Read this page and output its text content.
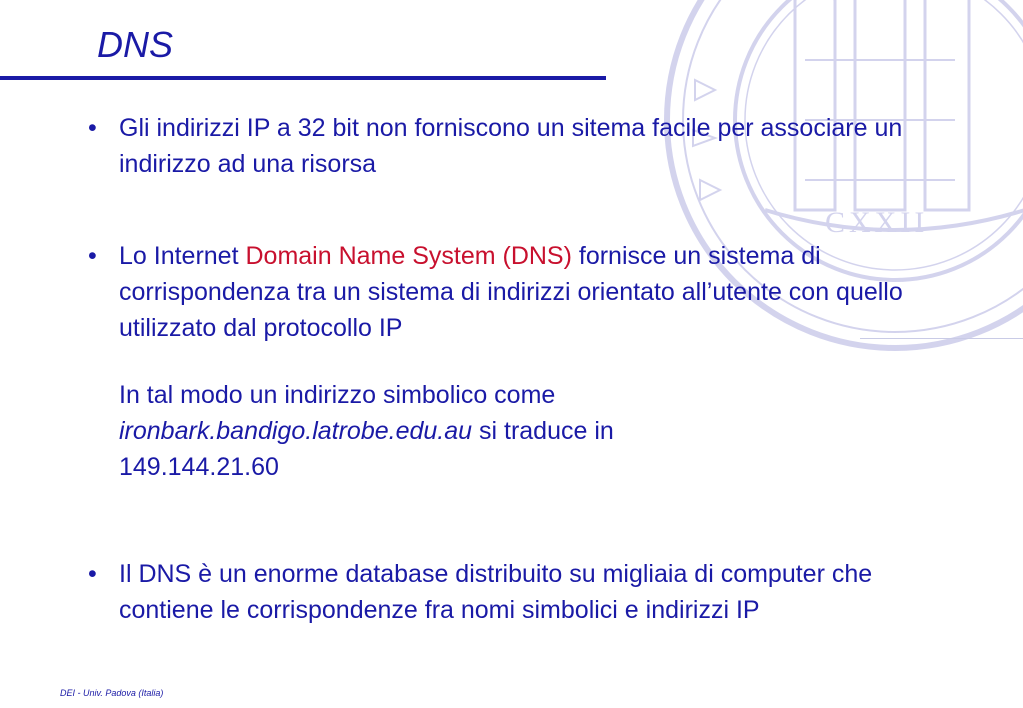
CXXII
DNS
• Gli indirizzi IP a 32 bit non forniscono un sitema facile per associare un indirizzo ad una risorsa
• Lo Internet Domain Name System (DNS) fornisce un sistema di corrispondenza tra un sistema di indirizzi orientato all’utente con quello utilizzato dal protocollo IP
In tal modo un indirizzo simbolico come
ironbark.bandigo.latrobe.edu.au si traduce in
149.144.21.60
• Il DNS è un enorme database distribuito su migliaia di computer che contiene le corrispondenze fra nomi simbolici e indirizzi IP
DEI - Univ. Padova (Italia)
